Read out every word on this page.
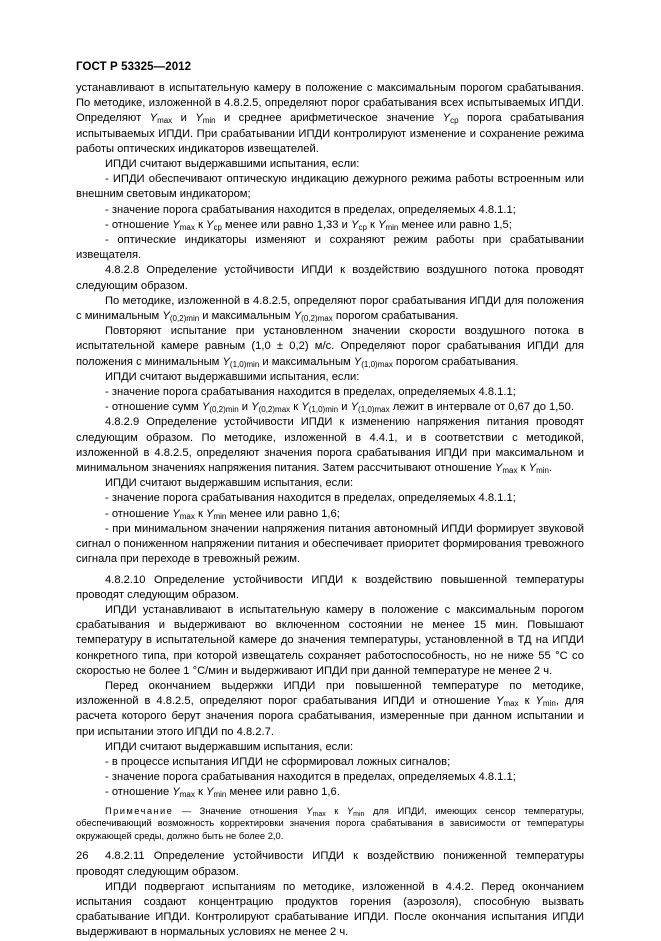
ГОСТ Р 53325—2012

устанавливают в испытательную камеру в положение с максимальным порогом срабатывания. По методике, изложенной в 4.8.2.5, определяют порог срабатывания всех испытываемых ИПДИ. Определяют $Y_{max}$ и $Y_{min}$ и среднее арифметическое значение $Y_{ср}$ порога срабатывания испытываемых ИПДИ. При срабатывании ИПДИ контролируют изменение и сохранение режима работы оптических индикаторов извещателей.

ИПДИ считают выдержавшими испытания, если:

- ИПДИ обеспечивают оптическую индикацию дежурного режима работы встроенным или внешним световым индикатором;

- значение порога срабатывания находится в пределах, определяемых 4.8.1.1;

- отношение $Y_{max}$ к $Y_{ср}$ менее или равно 1,33 и $Y_{ср}$ к $Y_{min}$ менее или равно 1,5;

- оптические индикаторы изменяют и сохраняют режим работы при срабатывании извещателя.

4.8.2.8 Определение устойчивости ИПДИ к воздействию воздушного потока проводят следующим образом.

По методике, изложенной в 4.8.2.5, определяют порог срабатывания ИПДИ для положения с минимальным $Y_{(0,2)min}$ и максимальным $Y_{(0,2)max}$ порогом срабатывания.

Повторяют испытание при установленном значении скорости воздушного потока в испытательной камере равным (1,0 ± 0,2) м/с. Определяют порог срабатывания ИПДИ для положения с минимальным $Y_{(1,0)min}$ и максимальным $Y_{(1,0)max}$ порогом срабатывания.

ИПДИ считают выдержавшими испытания, если:

- значение порога срабатывания находится в пределах, определяемых 4.8.1.1;

- отношение сумм $Y_{(0,2)min}$ и $Y_{(0,2)max}$ к $Y_{(1,0)min}$ и $Y_{(1,0)max}$ лежит в интервале от 0,67 до 1,50.

4.8.2.9 Определение устойчивости ИПДИ к изменению напряжения питания проводят следующим образом. По методике, изложенной в 4.4.1, и в соответствии с методикой, изложенной в 4.8.2.5, определяют значения порога срабатывания ИПДИ при максимальном и минимальном значениях напряжения питания. Затем рассчитывают отношение $Y_{max}$ к $Y_{min}$.

ИПДИ считают выдержавшим испытания, если:

- значение порога срабатывания находится в пределах, определяемых 4.8.1.1;

- отношение $Y_{max}$ к $Y_{min}$ менее или равно 1,6;

- при минимальном значении напряжения питания автономный ИПДИ формирует звуковой сигнал о пониженном напряжении питания и обеспечивает приоритет формирования тревожного сигнала при переходе в тревожный режим.

4.8.2.10 Определение устойчивости ИПДИ к воздействию повышенной температуры проводят следующим образом.

ИПДИ устанавливают в испытательную камеру в положение с максимальным порогом срабатывания и выдерживают во включенном состоянии не менее 15 мин. Повышают температуру в испытательной камере до значения температуры, установленной в ТД на ИПДИ конкретного типа, при которой извещатель сохраняет работоспособность, но не ниже 55 °С со скоростью не более 1 °С/мин и выдерживают ИПДИ при данной температуре не менее 2 ч.

Перед окончанием выдержки ИПДИ при повышенной температуре по методике, изложенной в 4.8.2.5, определяют порог срабатывания ИПДИ и отношение $Y_{max}$ к $Y_{min}$, для расчета которого берут значения порога срабатывания, измеренные при данном испытании и при испытании этого ИПДИ по 4.8.2.7.

ИПДИ считают выдержавшим испытания, если:

- в процессе испытания ИПДИ не сформировал ложных сигналов;

- значение порога срабатывания находится в пределах, определяемых 4.8.1.1;

- отношение $Y_{max}$ к $Y_{min}$ менее или равно 1,6.

Примечание — Значение отношения $Y_{max}$ к $Y_{min}$ для ИПДИ, имеющих сенсор температуры, обеспечивающий возможность корректировки значения порога срабатывания в зависимости от температуры окружающей среды, должно быть не более 2,0.

4.8.2.11 Определение устойчивости ИПДИ к воздействию пониженной температуры проводят следующим образом.

ИПДИ подвергают испытаниям по методике, изложенной в 4.4.2. Перед окончанием испытания создают концентрацию продуктов горения (аэрозоля), способную вызвать срабатывание ИПДИ. Контролируют срабатывание ИПДИ. После окончания испытания ИПДИ выдерживают в нормальных условиях не менее 2 ч.

26
